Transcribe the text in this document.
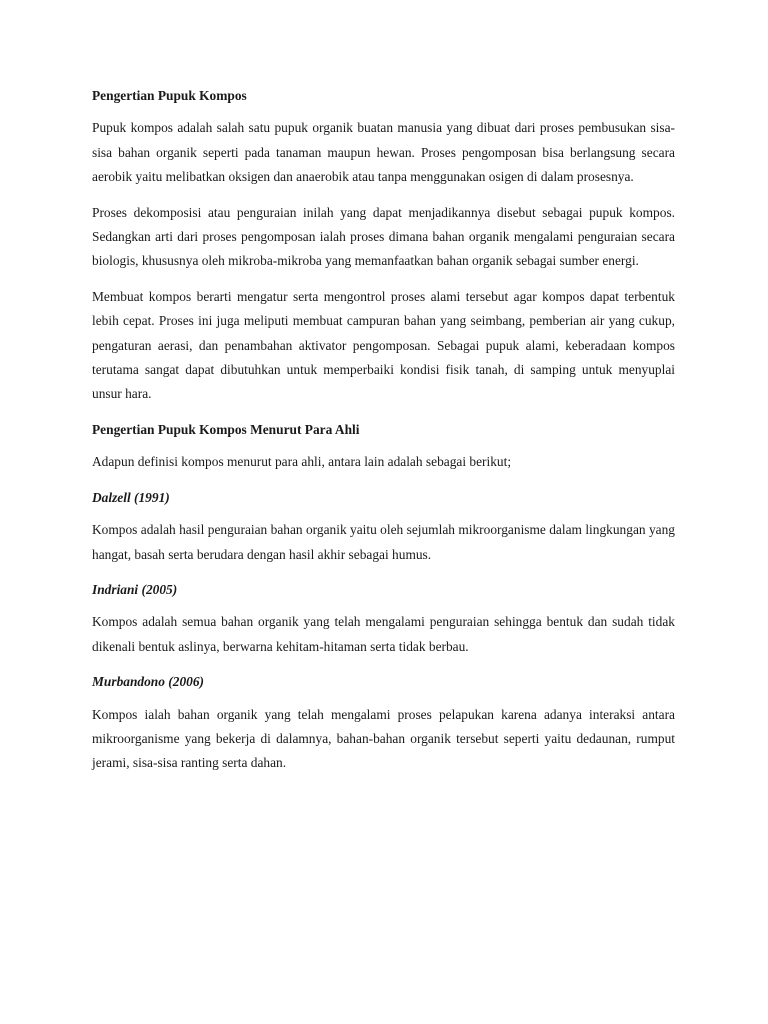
Pengertian Pupuk Kompos

Pupuk kompos adalah salah satu pupuk organik buatan manusia yang dibuat dari proses pembusukan sisa-sisa bahan organik seperti pada tanaman maupun hewan. Proses pengomposan bisa berlangsung secara aerobik yaitu melibatkan oksigen dan anaerobik atau tanpa menggunakan osigen di dalam prosesnya.

Proses dekomposisi atau penguraian inilah yang dapat menjadikannya disebut sebagai pupuk kompos. Sedangkan arti dari proses pengomposan ialah proses dimana bahan organik mengalami penguraian secara biologis, khususnya oleh mikroba-mikroba yang memanfaatkan bahan organik sebagai sumber energi.

Membuat kompos berarti mengatur serta mengontrol proses alami tersebut agar kompos dapat terbentuk lebih cepat. Proses ini juga meliputi membuat campuran bahan yang seimbang, pemberian air yang cukup, pengaturan aerasi, dan penambahan aktivator pengomposan. Sebagai pupuk alami, keberadaan kompos terutama sangat dapat dibutuhkan untuk memperbaiki kondisi fisik tanah, di samping untuk menyuplai unsur hara.

Pengertian Pupuk Kompos Menurut Para Ahli

Adapun definisi kompos menurut para ahli, antara lain adalah sebagai berikut;

Dalzell (1991)

Kompos adalah hasil penguraian bahan organik yaitu oleh sejumlah mikroorganisme dalam lingkungan yang hangat, basah serta berudara dengan hasil akhir sebagai humus.

Indriani (2005)

Kompos adalah semua bahan organik yang telah mengalami penguraian sehingga bentuk dan sudah tidak dikenali bentuk aslinya, berwarna kehitam-hitaman serta tidak berbau.

Murbandono (2006)

Kompos ialah bahan organik yang telah mengalami proses pelapukan karena adanya interaksi antara mikroorganisme yang bekerja di dalamnya, bahan-bahan organik tersebut seperti yaitu dedaunan, rumput jerami, sisa-sisa ranting serta dahan.
